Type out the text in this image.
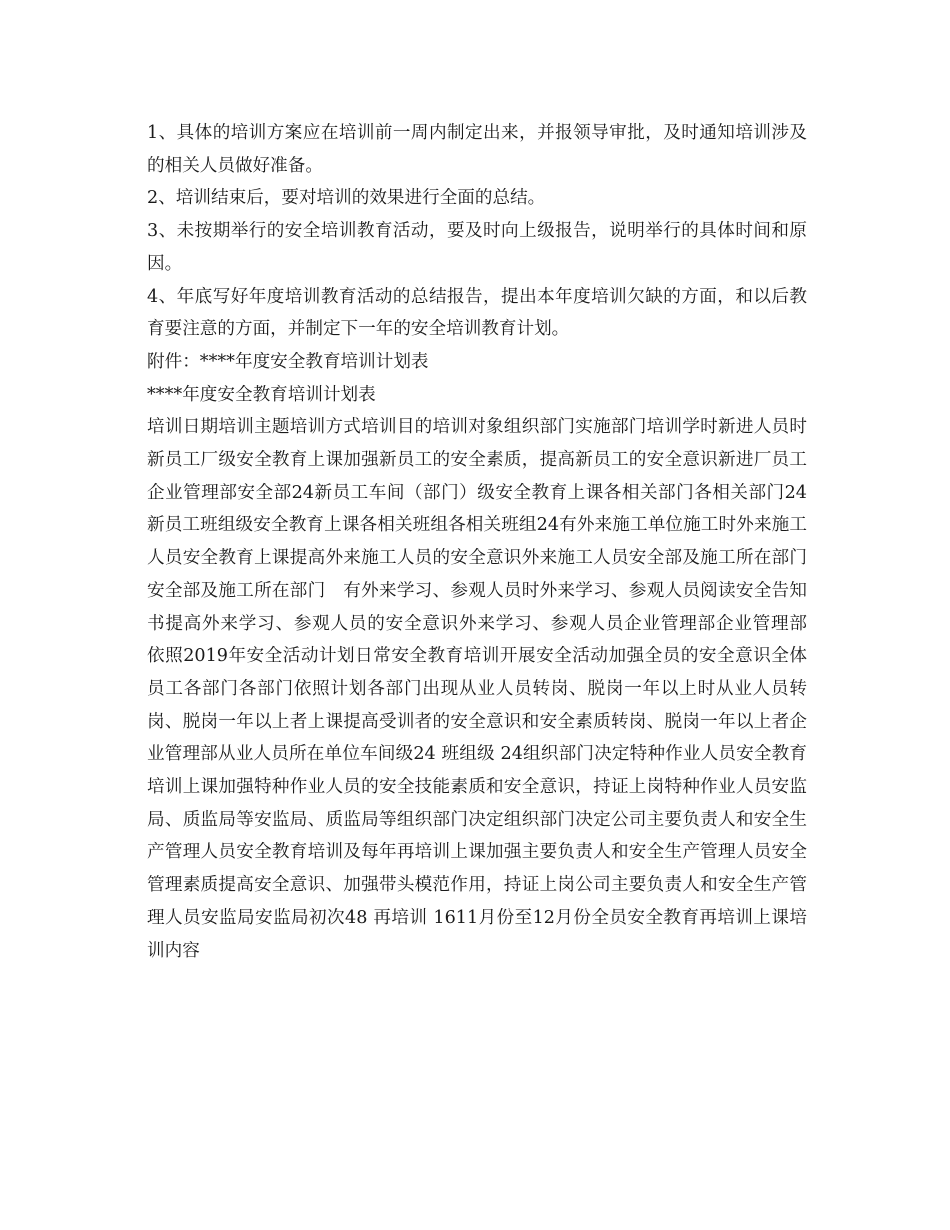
1、具体的培训方案应在培训前一周内制定出来，并报领导审批，及时通知培训涉及的相关人员做好准备。

2、培训结束后，要对培训的效果进行全面的总结。

3、未按期举行的安全培训教育活动，要及时向上级报告，说明举行的具体时间和原因。

4、年底写好年度培训教育活动的总结报告，提出本年度培训欠缺的方面，和以后教育要注意的方面，并制定下一年的安全培训教育计划。

附件：****年度安全教育培训计划表

****年度安全教育培训计划表

培训日期培训主题培训方式培训目的培训对象组织部门实施部门培训学时新进人员时新员工厂级安全教育上课加强新员工的安全素质，提高新员工的安全意识新进厂员工企业管理部安全部24新员工车间（部门）级安全教育上课各相关部门各相关部门24新员工班组级安全教育上课各相关班组各相关班组24有外来施工单位施工时外来施工人员安全教育上课提高外来施工人员的安全意识外来施工人员安全部及施工所在部门安全部及施工所在部门　有外来学习、参观人员时外来学习、参观人员阅读安全告知书提高外来学习、参观人员的安全意识外来学习、参观人员企业管理部企业管理部　依照2019年安全活动计划日常安全教育培训开展安全活动加强全员的安全意识全体员工各部门各部门依照计划各部门出现从业人员转岗、脱岗一年以上时从业人员转岗、脱岗一年以上者上课提高受训者的安全意识和安全素质转岗、脱岗一年以上者企业管理部从业人员所在单位车间级24 班组级 24组织部门决定特种作业人员安全教育培训上课加强特种作业人员的安全技能素质和安全意识，持证上岗特种作业人员安监局、质监局等安监局、质监局等组织部门决定组织部门决定公司主要负责人和安全生产管理人员安全教育培训及每年再培训上课加强主要负责人和安全生产管理人员安全管理素质提高安全意识、加强带头模范作用，持证上岗公司主要负责人和安全生产管理人员安监局安监局初次48 再培训 1611月份至12月份全员安全教育再培训上课培训内容
